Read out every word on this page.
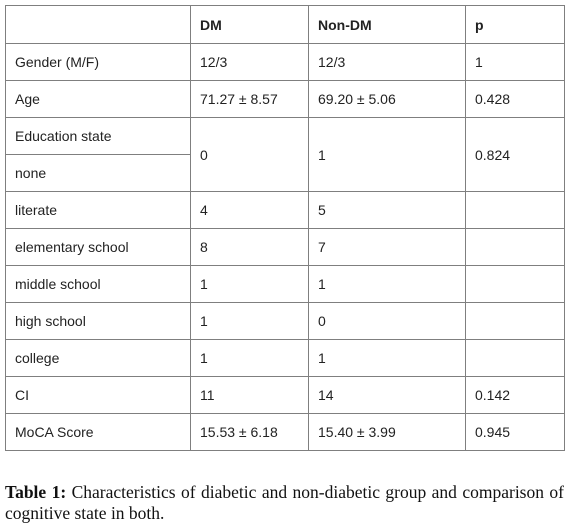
	DM	Non-DM	p
Gender (M/F)	12/3	12/3	1
Age	71.27 ± 8.57	69.20 ± 5.06	0.428
Education state	0	1	0.824
none			
literate	4	5	
elementary school	8	7	
middle school	1	1	
high school	1	0	
college	1	1	
CI	11	14	0.142
MoCA Score	15.53 ± 6.18	15.40 ± 3.99	0.945
Table 1: Characteristics of diabetic and non-diabetic group and comparison of cognitive state in both.
